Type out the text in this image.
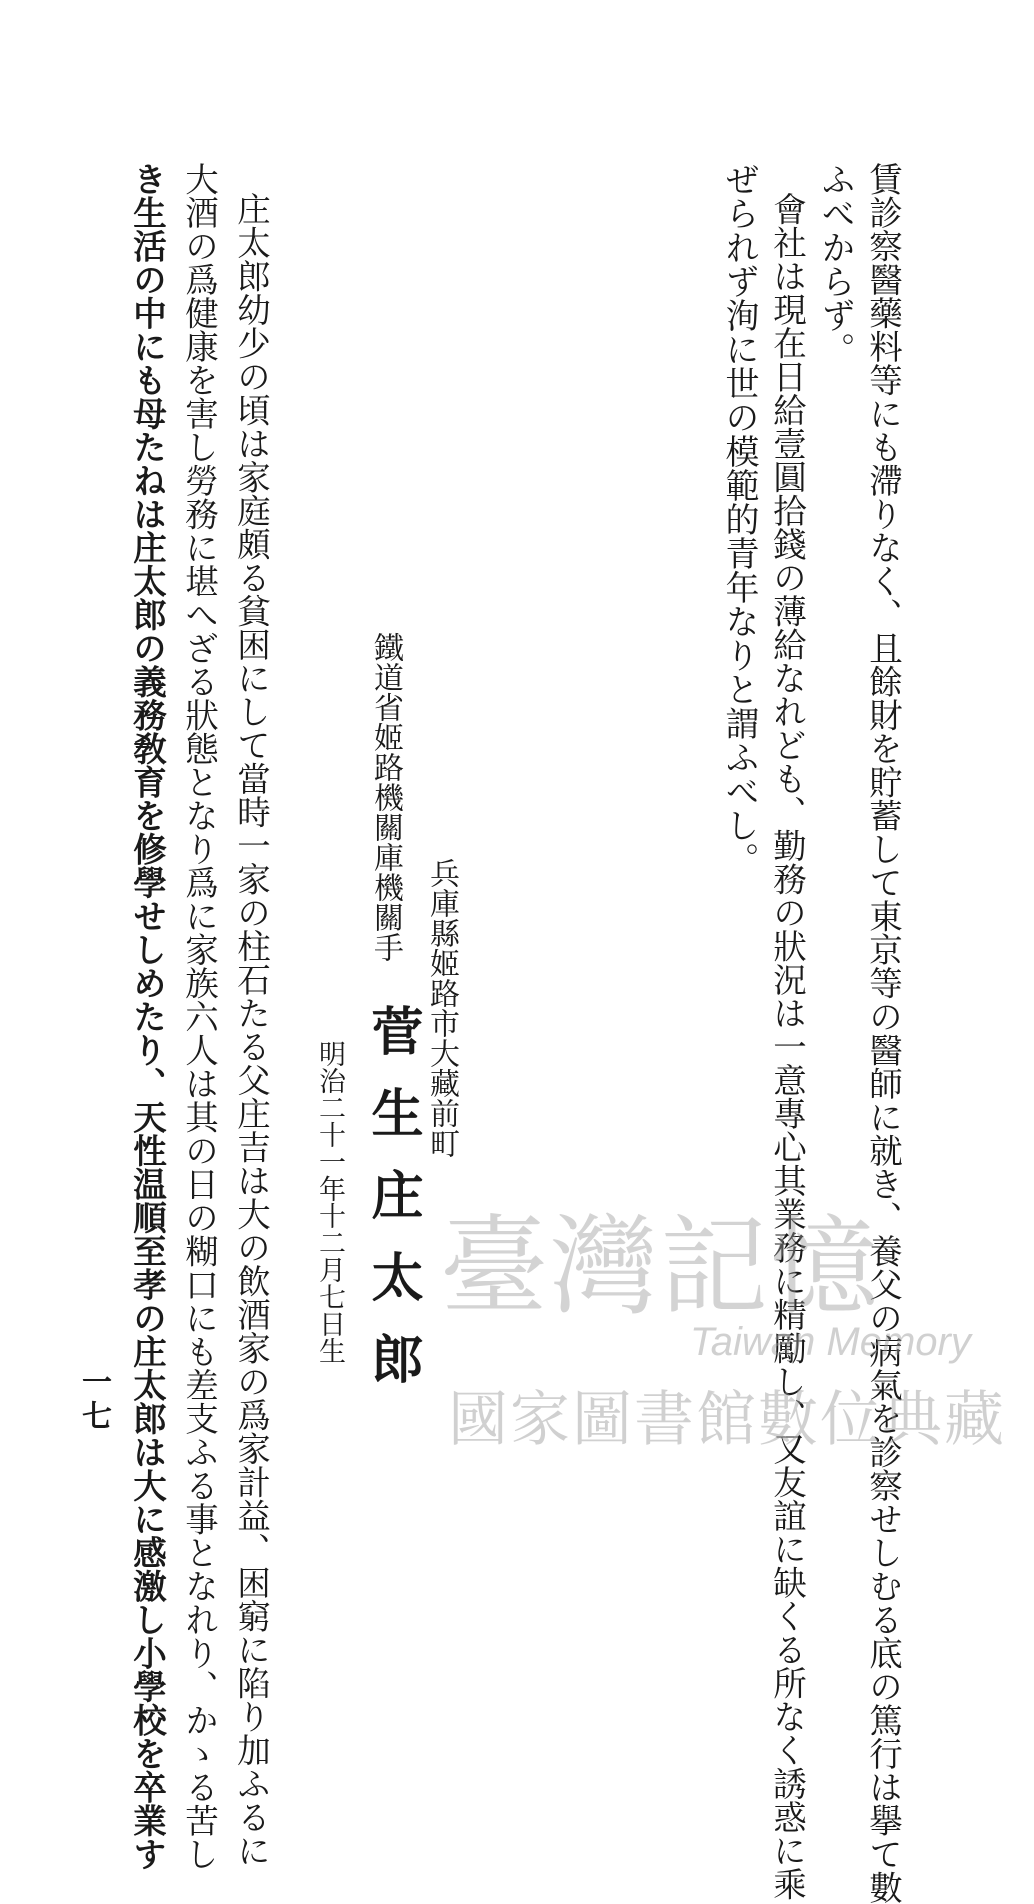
賃診察醫藥料等にも滯りなく、且餘財を貯蓄して東京等の醫師に就き、養父の病氣を診察せしむる底の篤行は擧て數
ふべからず。
會社は現在日給壹圓拾錢の薄給なれども、勤務の狀況は一意專心其業務に精勵し、又友誼に缺くる所なく誘惑に乘
ぜられず洵に世の模範的青年なりと謂ふべし。
兵庫縣姬路市大藏前町
鐵道省姬路機關庫機關手
菅生庄太郎
明治二十一年十二月七日生
庄太郎幼少の頃は家庭頗る貧困にして當時一家の柱石たる父庄吉は大の飲酒家の爲家計益、困窮に陷り加ふるに
大酒の爲健康を害し勞務に堪へざる狀態となり爲に家族六人は其の日の糊口にも差支ふる事となれり、かゝる苦し
き生活の中にも母たねは庄太郎の義務敎育を修學せしめたり、天性温順至孝の庄太郎は大に感激し小學校を卒業す
一七
臺灣記憶
Taiwan Memory
國家圖書館數位典藏
